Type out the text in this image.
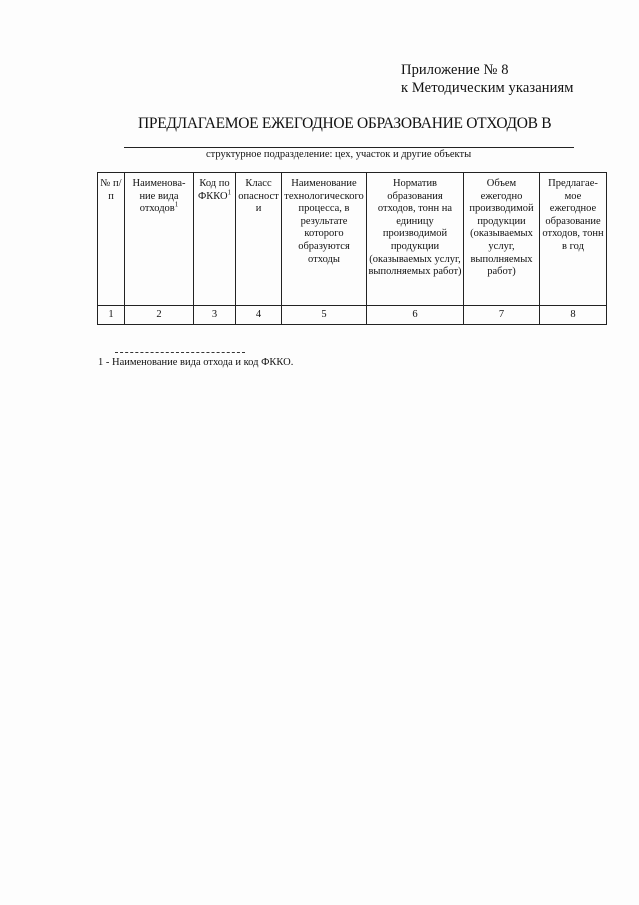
Приложение № 8
к Методическим указаниям
ПРЕДЛАГАЕМОЕ ЕЖЕГОДНОЕ ОБРАЗОВАНИЕ ОТХОДОВ В
структурное подразделение: цех, участок и другие объекты
№ п/п	Наименова-ние вида отходов$^1$	Код по ФККО$^1$	Класс опасности	Наименование технологического процесса, в результате которого образуются отходы	Норматив образования отходов, тонн на единицу производимой продукции (оказываемых услуг, выполняемых работ)	Объем ежегодно производимой продукции (оказываемых услуг, выполняемых работ)	Предлагае-мое ежегодное образование отходов, тонн в год
1	2	3	4	5	6	7	8
1 - Наименование вида отхода и код ФККО.
